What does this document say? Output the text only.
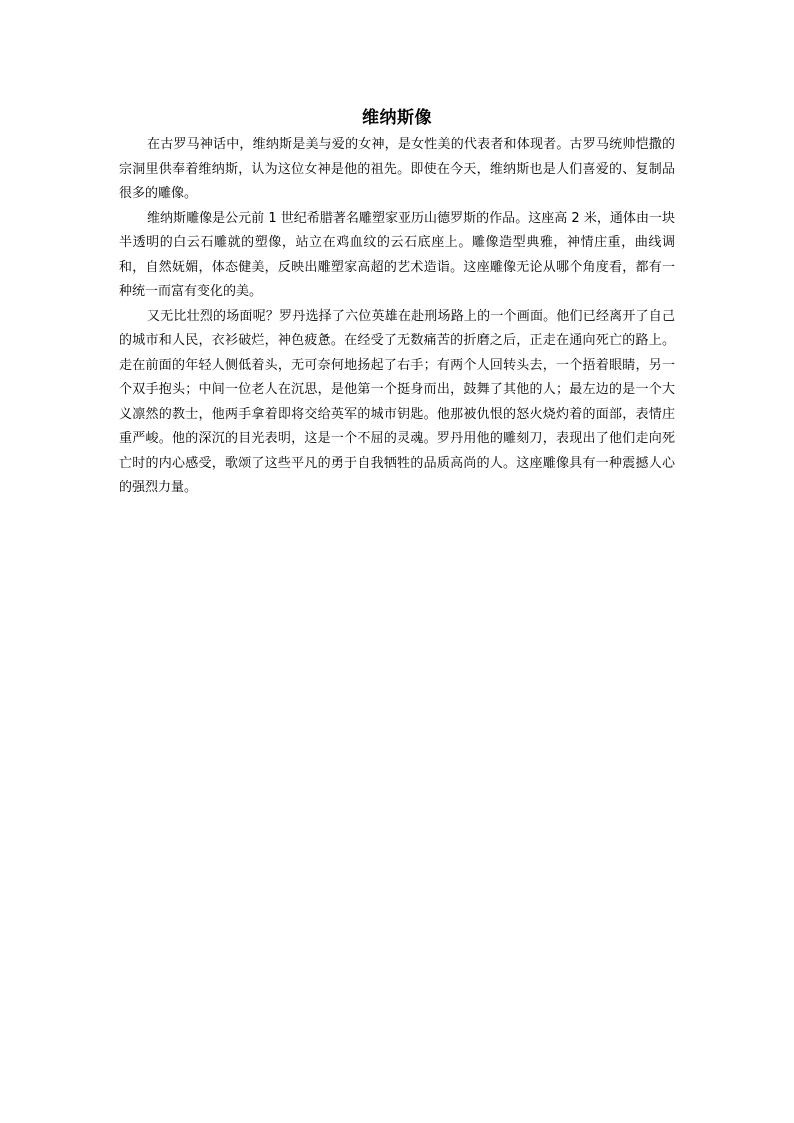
维纳斯像

在古罗马神话中，维纳斯是美与爱的女神，是女性美的代表者和体现者。古罗马统帅恺撒的宗洞里供奉着维纳斯，认为这位女神是他的祖先。即使在今天，维纳斯也是人们喜爱的、复制品很多的雕像。

维纳斯雕像是公元前 1 世纪希腊著名雕塑家亚历山德罗斯的作品。这座高 2 米，通体由一块半透明的白云石雕就的塑像，站立在鸡血纹的云石底座上。雕像造型典雅，神情庄重，曲线调和，自然妩媚，体态健美，反映出雕塑家高超的艺术造诣。这座雕像无论从哪个角度看，都有一种统一而富有变化的美。

又无比壮烈的场面呢？罗丹选择了六位英雄在赴刑场路上的一个画面。他们已经离开了自己的城市和人民，衣衫破烂，神色疲惫。在经受了无数痛苦的折磨之后，正走在通向死亡的路上。走在前面的年轻人侧低着头，无可奈何地扬起了右手；有两个人回转头去，一个捂着眼睛，另一个双手抱头；中间一位老人在沉思，是他第一个挺身而出，鼓舞了其他的人；最左边的是一个大义凛然的教士，他两手拿着即将交给英军的城市钥匙。他那被仇恨的怒火烧灼着的面部，表情庄重严峻。他的深沉的目光表明，这是一个不屈的灵魂。罗丹用他的雕刻刀，表现出了他们走向死亡时的内心感受，歌颂了这些平凡的勇于自我牺牲的品质高尚的人。这座雕像具有一种震撼人心的强烈力量。
